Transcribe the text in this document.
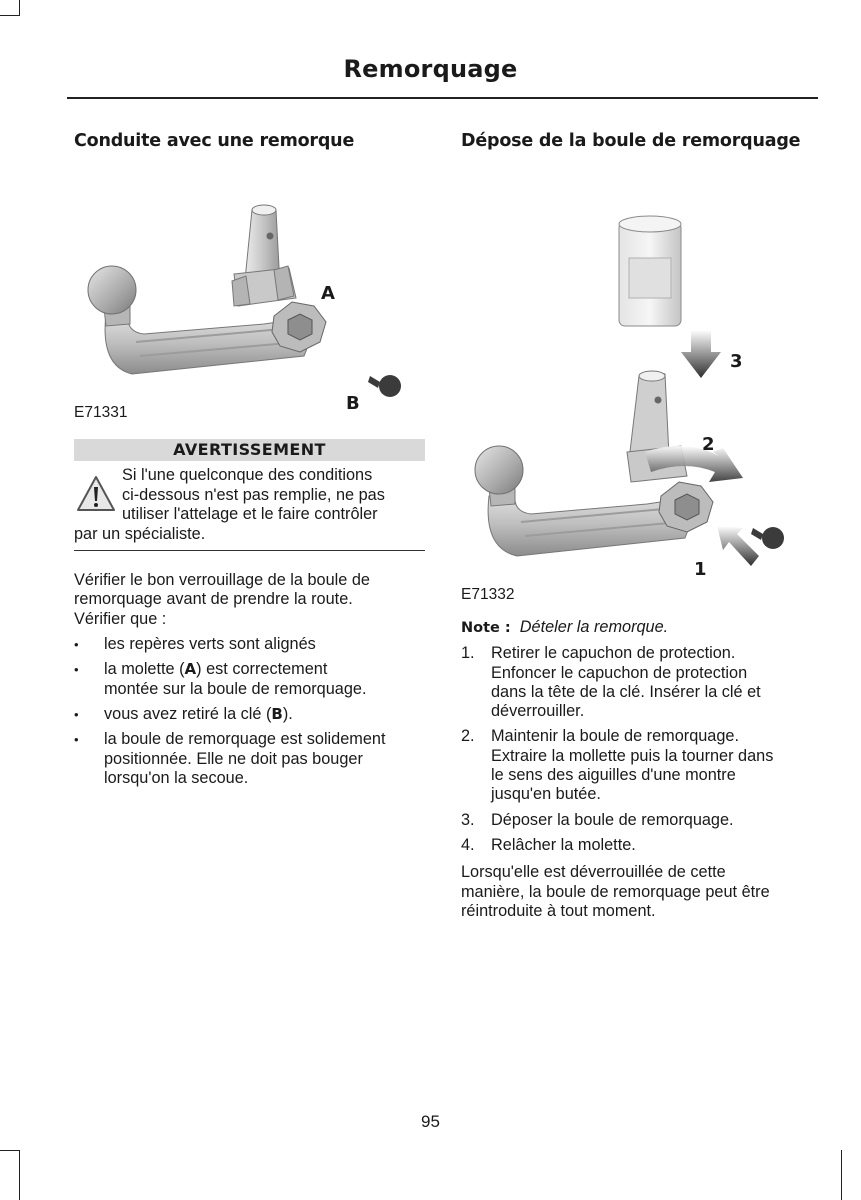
Remorquage
Conduite avec une remorque
A
B
E71331
AVERTISSEMENT
Si l'une quelconque des conditions
ci-dessous n'est pas remplie, ne pas
utiliser l'attelage et le faire contrôler
par un spécialiste.

Vérifier le bon verrouillage de la boule de

remorquage avant de prendre la route.

Vérifier que :

• les repères verts sont alignés
• la molette (A) est correctement
montée sur la boule de remorquage.
• vous avez retiré la clé (B).
• la boule de remorquage est solidement
positionnée. Elle ne doit pas bouger
lorsqu'on la secoue.
Dépose de la boule de remorquage
3
2
1
E71332

Note : Dételer la remorque.

1. Retirer le capuchon de protection.
Enfoncer le capuchon de protection
dans la tête de la clé. Insérer la clé et
déverrouiller.
2. Maintenir la boule de remorquage.
Extraire la mollette puis la tourner dans
le sens des aiguilles d'une montre
jusqu'en butée.
3. Déposer la boule de remorquage.
4. Relâcher la molette.

Lorsqu'elle est déverrouillée de cette

manière, la boule de remorquage peut être

réintroduite à tout moment.

95
